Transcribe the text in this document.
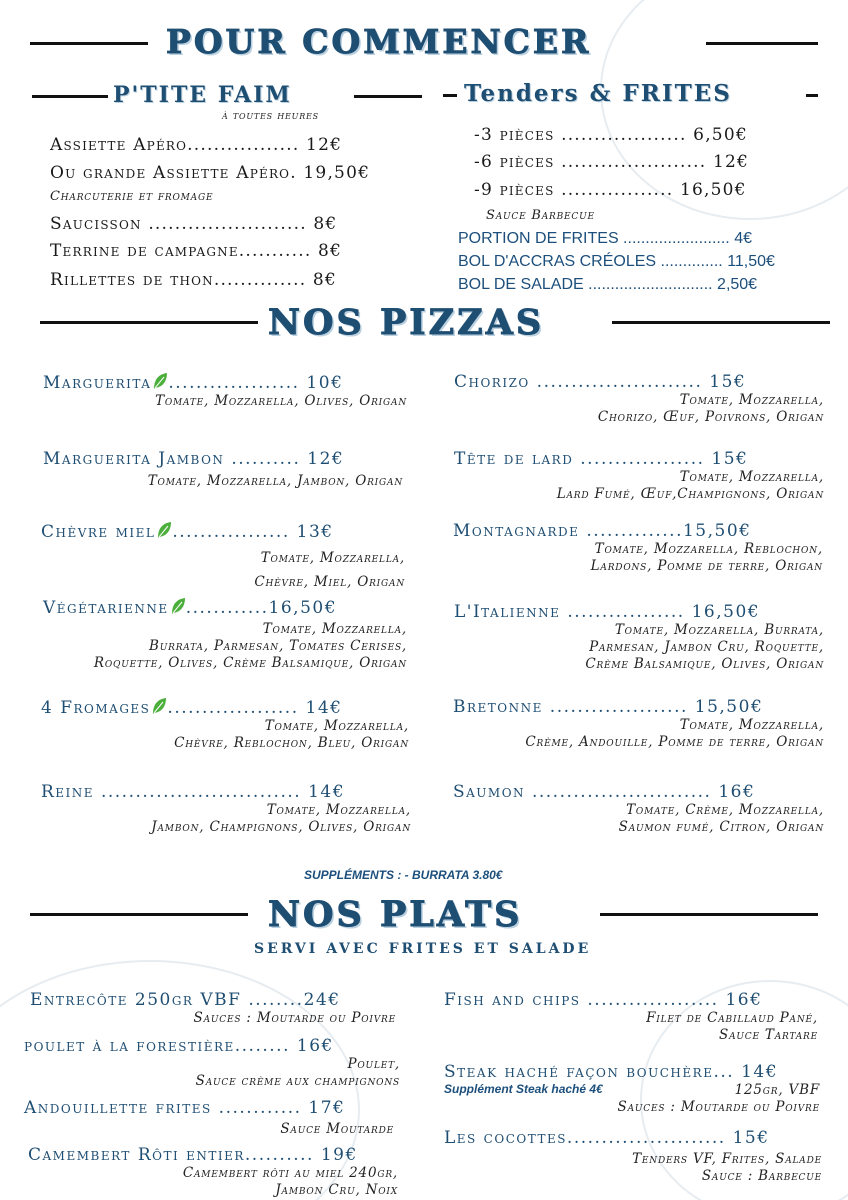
POUR COMMENCER
P'TITE FAIM
à toutes heures
Assiette Apéro................. 12€
Ou grande Assiette Apéro. 19,50€
Charcuterie et fromage
Saucisson ........................ 8€
Terrine de campagne........... 8€
Rillettes de thon.............. 8€
Tenders & FRITES
-3 pièces ................... 6,50€
-6 pièces ...................... 12€
-9 pièces ................. 16,50€
Sauce Barbecue
PORTION DE FRITES ........................ 4€
BOL D'ACCRAS CRÉOLES .............. 11,50€
BOL DE SALADE ............................ 2,50€
NOS PIZZAS
Marguerita ................... 10€
Tomate, Mozzarella, Olives, Origan
Marguerita Jambon .......... 12€
Tomate, Mozzarella, Jambon, Origan
Chèvre miel ................. 13€
Tomate, Mozzarella,
Chèvre, Miel, Origan
Végétarienne ............16,50€
Tomate, Mozzarella,
Burrata, Parmesan, Tomates Cerises,
Roquette, Olives, Crème Balsamique, Origan
4 Fromages ................... 14€
Tomate, Mozzarella,
Chèvre, Reblochon, Bleu, Origan
Reine ............................. 14€
Tomate, Mozzarella,
Jambon, Champignons, Olives, Origan
Chorizo ........................ 15€
Tomate, Mozzarella,
Chorizo, Œuf, Poivrons, Origan
Tête de lard .................. 15€
Tomate, Mozzarella,
Lard Fumé, Œuf,Champignons, Origan
Montagnarde ..............15,50€
Tomate, Mozzarella, Reblochon,
Lardons, Pomme de terre, Origan
L'Italienne ................. 16,50€
Tomate, Mozzarella, Burrata,
Parmesan, Jambon Cru, Roquette,
Crème Balsamique, Olives, Origan
Bretonne .................... 15,50€
Tomate, Mozzarella,
Crème, Andouille, Pomme de terre, Origan
Saumon .......................... 16€
Tomate, Crème, Mozzarella,
Saumon fumé, Citron, Origan
SUPPLÉMENTS : - BURRATA 3.80€
NOS PLATS
SERVI AVEC FRITES ET SALADE
Entrecôte 250gr VBF ........24€
Sauces : Moutarde ou Poivre
poulet à la forestière........ 16€
Poulet,
Sauce crème aux champignons
Andouillette frites ............ 17€
Sauce Moutarde
Camembert Rôti entier.......... 19€
Camembert rôti au miel 240gr,
Jambon Cru, Noix
Fish and chips ................... 16€
Filet de Cabillaud Pané,
Sauce Tartare
Steak haché façon bouchère... 14€
Supplément Steak haché 4€	125gr, VBF
Sauces : Moutarde ou Poivre
Les cocottes....................... 15€
Tenders VF, Frites, Salade
Sauce : Barbecue
